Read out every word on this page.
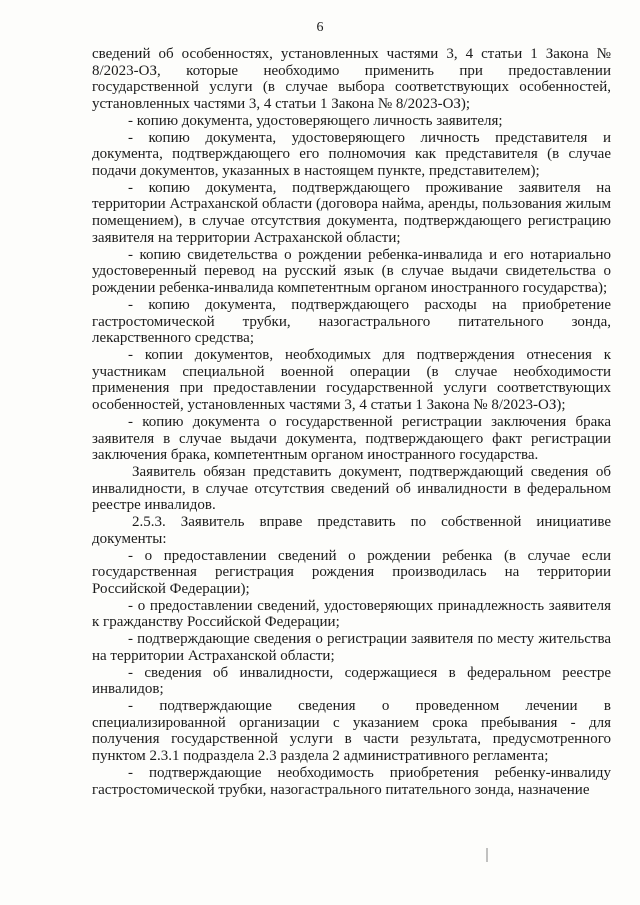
6

сведений об особенностях, установленных частями 3, 4 статьи 1 Закона № 8/2023-ОЗ, которые необходимо применить при предоставлении государственной услуги (в случае выбора соответствующих особенностей, установленных частями 3, 4 статьи 1 Закона № 8/2023-ОЗ);

- копию документа, удостоверяющего личность заявителя;

- копию документа, удостоверяющего личность представителя и документа, подтверждающего его полномочия как представителя (в случае подачи документов, указанных в настоящем пункте, представителем);

- копию документа, подтверждающего проживание заявителя на территории Астраханской области (договора найма, аренды, пользования жилым помещением), в случае отсутствия документа, подтверждающего регистрацию заявителя на территории Астраханской области;

- копию свидетельства о рождении ребенка-инвалида и его нотариально удостоверенный перевод на русский язык (в случае выдачи свидетельства о рождении ребенка-инвалида компетентным органом иностранного государства);

- копию документа, подтверждающего расходы на приобретение гастростомической трубки, назогастрального питательного зонда, лекарственного средства;

- копии документов, необходимых для подтверждения отнесения к участникам специальной военной операции (в случае необходимости применения при предоставлении государственной услуги соответствующих особенностей, установленных частями 3, 4 статьи 1 Закона № 8/2023-ОЗ);

- копию документа о государственной регистрации заключения брака заявителя в случае выдачи документа, подтверждающего факт регистрации заключения брака, компетентным органом иностранного государства.

Заявитель обязан представить документ, подтверждающий сведения об инвалидности, в случае отсутствия сведений об инвалидности в федеральном реестре инвалидов.

2.5.3. Заявитель вправе представить по собственной инициативе документы:

- о предоставлении сведений о рождении ребенка (в случае если государственная регистрация рождения производилась на территории Российской Федерации);

- о предоставлении сведений, удостоверяющих принадлежность заявителя к гражданству Российской Федерации;

- подтверждающие сведения о регистрации заявителя по месту жительства на территории Астраханской области;

- сведения об инвалидности, содержащиеся в федеральном реестре инвалидов;

- подтверждающие сведения о проведенном лечении в специализированной организации с указанием срока пребывания - для получения государственной услуги в части результата, предусмотренного пунктом 2.3.1 подраздела 2.3 раздела 2 административного регламента;

- подтверждающие необходимость приобретения ребенку-инвалиду гастростомической трубки, назогастрального питательного зонда, назначение
